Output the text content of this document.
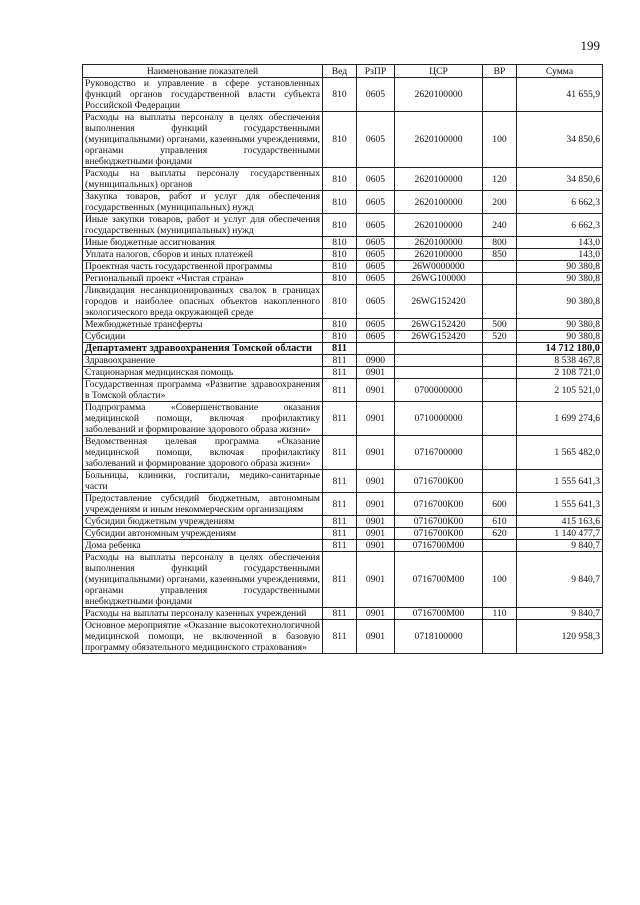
199
Наименование показателей	Вед	РзПР	ЦСР	ВР	Сумма
Руководство и управление в сфере установленных функций органов государственной власти субъекта Российской Федерации	810	0605	2620100000		41 655,9
Расходы на выплаты персоналу в целях обеспечения выполнения функций государственными (муниципальными) органами, казенными учреждениями, органами управления государственными внебюджетными фондами	810	0605	2620100000	100	34 850,6
Расходы на выплаты персоналу государственных (муниципальных) органов	810	0605	2620100000	120	34 850,6
Закупка товаров, работ и услуг для обеспечения государственных (муниципальных) нужд	810	0605	2620100000	200	6 662,3
Иные закупки товаров, работ и услуг для обеспечения государственных (муниципальных) нужд	810	0605	2620100000	240	6 662,3
Иные бюджетные ассигнования	810	0605	2620100000	800	143,0
Уплата налогов, сборов и иных платежей	810	0605	2620100000	850	143,0
Проектная часть государственной программы	810	0605	26W0000000		90 380,8
Региональный проект «Чистая страна»	810	0605	26WG100000		90 380,8
Ликвидация несанкционированных свалок в границах городов и наиболее опасных объектов накопленного экологического вреда окружающей среде	810	0605	26WG152420		90 380,8
Межбюджетные трансферты	810	0605	26WG152420	500	90 380,8
Субсидии	810	0605	26WG152420	520	90 380,8
Департамент здравоохранения Томской области	811				14 712 180,0
Здравоохранение	811	0900			8 538 467,8
Стационарная медицинская помощь	811	0901			2 108 721,0
Государственная программа «Развитие здравоохранения в Томской области»	811	0901	0700000000		2 105 521,0
Подпрограмма «Совершенствование оказания медицинской помощи, включая профилактику заболеваний и формирование здорового образа жизни»	811	0901	0710000000		1 699 274,6
Ведомственная целевая программа «Оказание медицинской помощи, включая профилактику заболеваний и формирование здорового образа жизни»	811	0901	0716700000		1 565 482,0
Больницы, клиники, госпитали, медико-санитарные части	811	0901	0716700К00		1 555 641,3
Предоставление субсидий бюджетным, автономным учреждениям и иным некоммерческим организациям	811	0901	0716700К00	600	1 555 641,3
Субсидии бюджетным учреждениям	811	0901	0716700К00	610	415 163,6
Субсидии автономным учреждениям	811	0901	0716700К00	620	1 140 477,7
Дома ребенка	811	0901	0716700М00		9 840,7
Расходы на выплаты персоналу в целях обеспечения выполнения функций государственными (муниципальными) органами, казенными учреждениями, органами управления государственными внебюджетными фондами	811	0901	0716700М00	100	9 840,7
Расходы на выплаты персоналу казенных учреждений	811	0901	0716700М00	110	9 840,7
Основное мероприятие «Оказание высокотехнологичной медицинской помощи, не включенной в базовую программу обязательного медицинского страхования»	811	0901	0718100000		120 958,3
